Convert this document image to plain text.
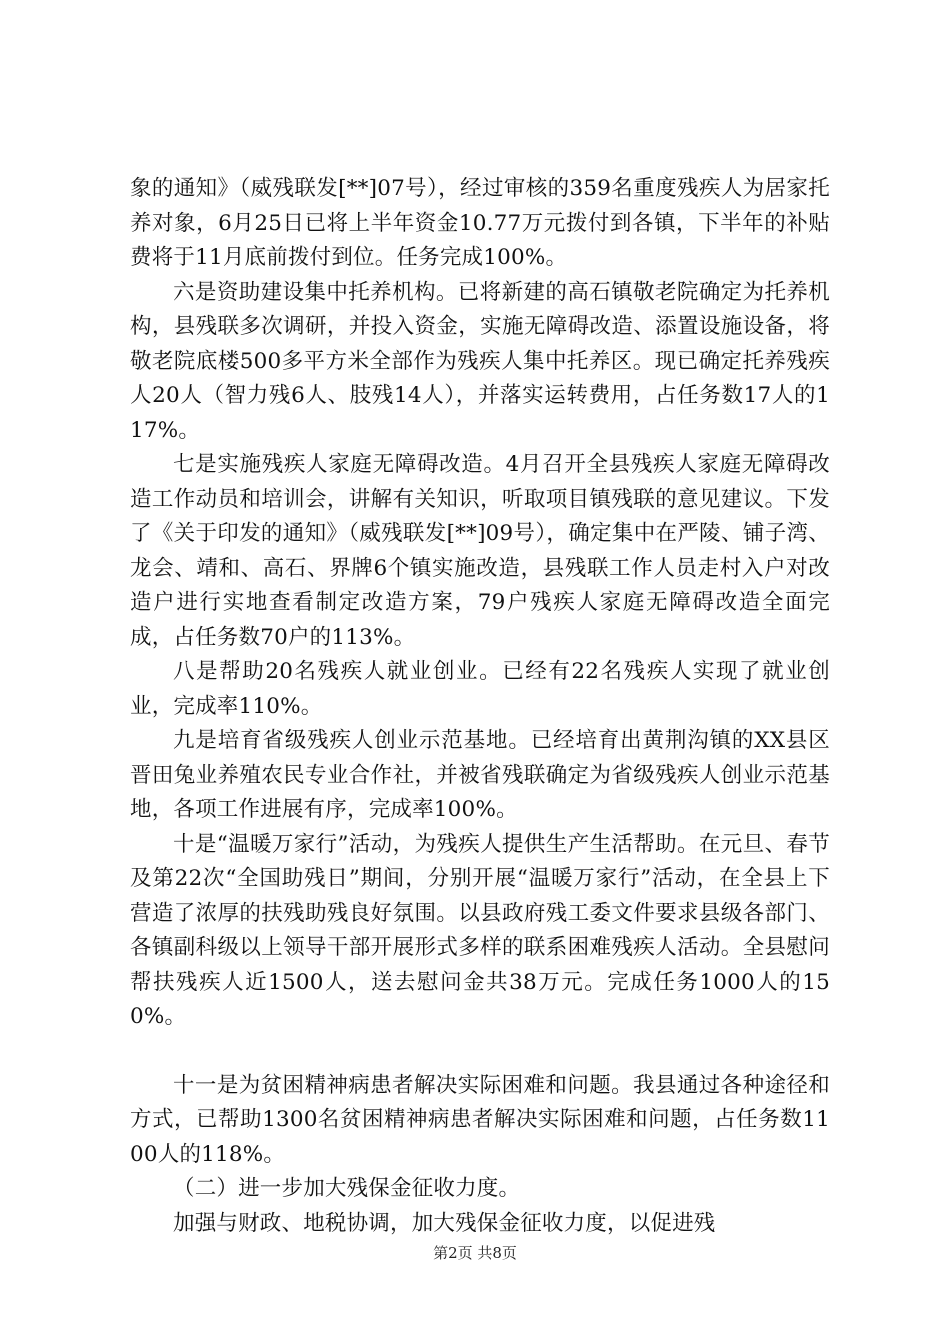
象的通知》（威残联发[**]07号），经过审核的359名重度残疾人为居家托养对象，6月25日已将上半年资金10.77万元拨付到各镇，下半年的补贴费将于11月底前拨付到位。任务完成100%。

六是资助建设集中托养机构。已将新建的高石镇敬老院确定为托养机构，县残联多次调研，并投入资金，实施无障碍改造、添置设施设备，将敬老院底楼500多平方米全部作为残疾人集中托养区。现已确定托养残疾人20人（智力残6人、肢残14人），并落实运转费用，占任务数17人的117%。

七是实施残疾人家庭无障碍改造。4月召开全县残疾人家庭无障碍改造工作动员和培训会，讲解有关知识，听取项目镇残联的意见建议。下发了《关于印发的通知》（威残联发[**]09号），确定集中在严陵、铺子湾、龙会、靖和、高石、界牌6个镇实施改造，县残联工作人员走村入户对改造户进行实地查看制定改造方案，79户残疾人家庭无障碍改造全面完成，占任务数70户的113%。

八是帮助20名残疾人就业创业。已经有22名残疾人实现了就业创业，完成率110%。

九是培育省级残疾人创业示范基地。已经培育出黄荆沟镇的XX县区晋田兔业养殖农民专业合作社，并被省残联确定为省级残疾人创业示范基地，各项工作进展有序，完成率100%。

十是“温暖万家行”活动，为残疾人提供生产生活帮助。在元旦、春节及第22次“全国助残日”期间，分别开展“温暖万家行”活动，在全县上下营造了浓厚的扶残助残良好氛围。以县政府残工委文件要求县级各部门、各镇副科级以上领导干部开展形式多样的联系困难残疾人活动。全县慰问帮扶残疾人近1500人，送去慰问金共38万元。完成任务1000人的150%。

十一是为贫困精神病患者解决实际困难和问题。我县通过各种途径和方式，已帮助1300名贫困精神病患者解决实际困难和问题，占任务数1100人的118%。

（二）进一步加大残保金征收力度。

加强与财政、地税协调，加大残保金征收力度，以促进残

第2页 共8页
